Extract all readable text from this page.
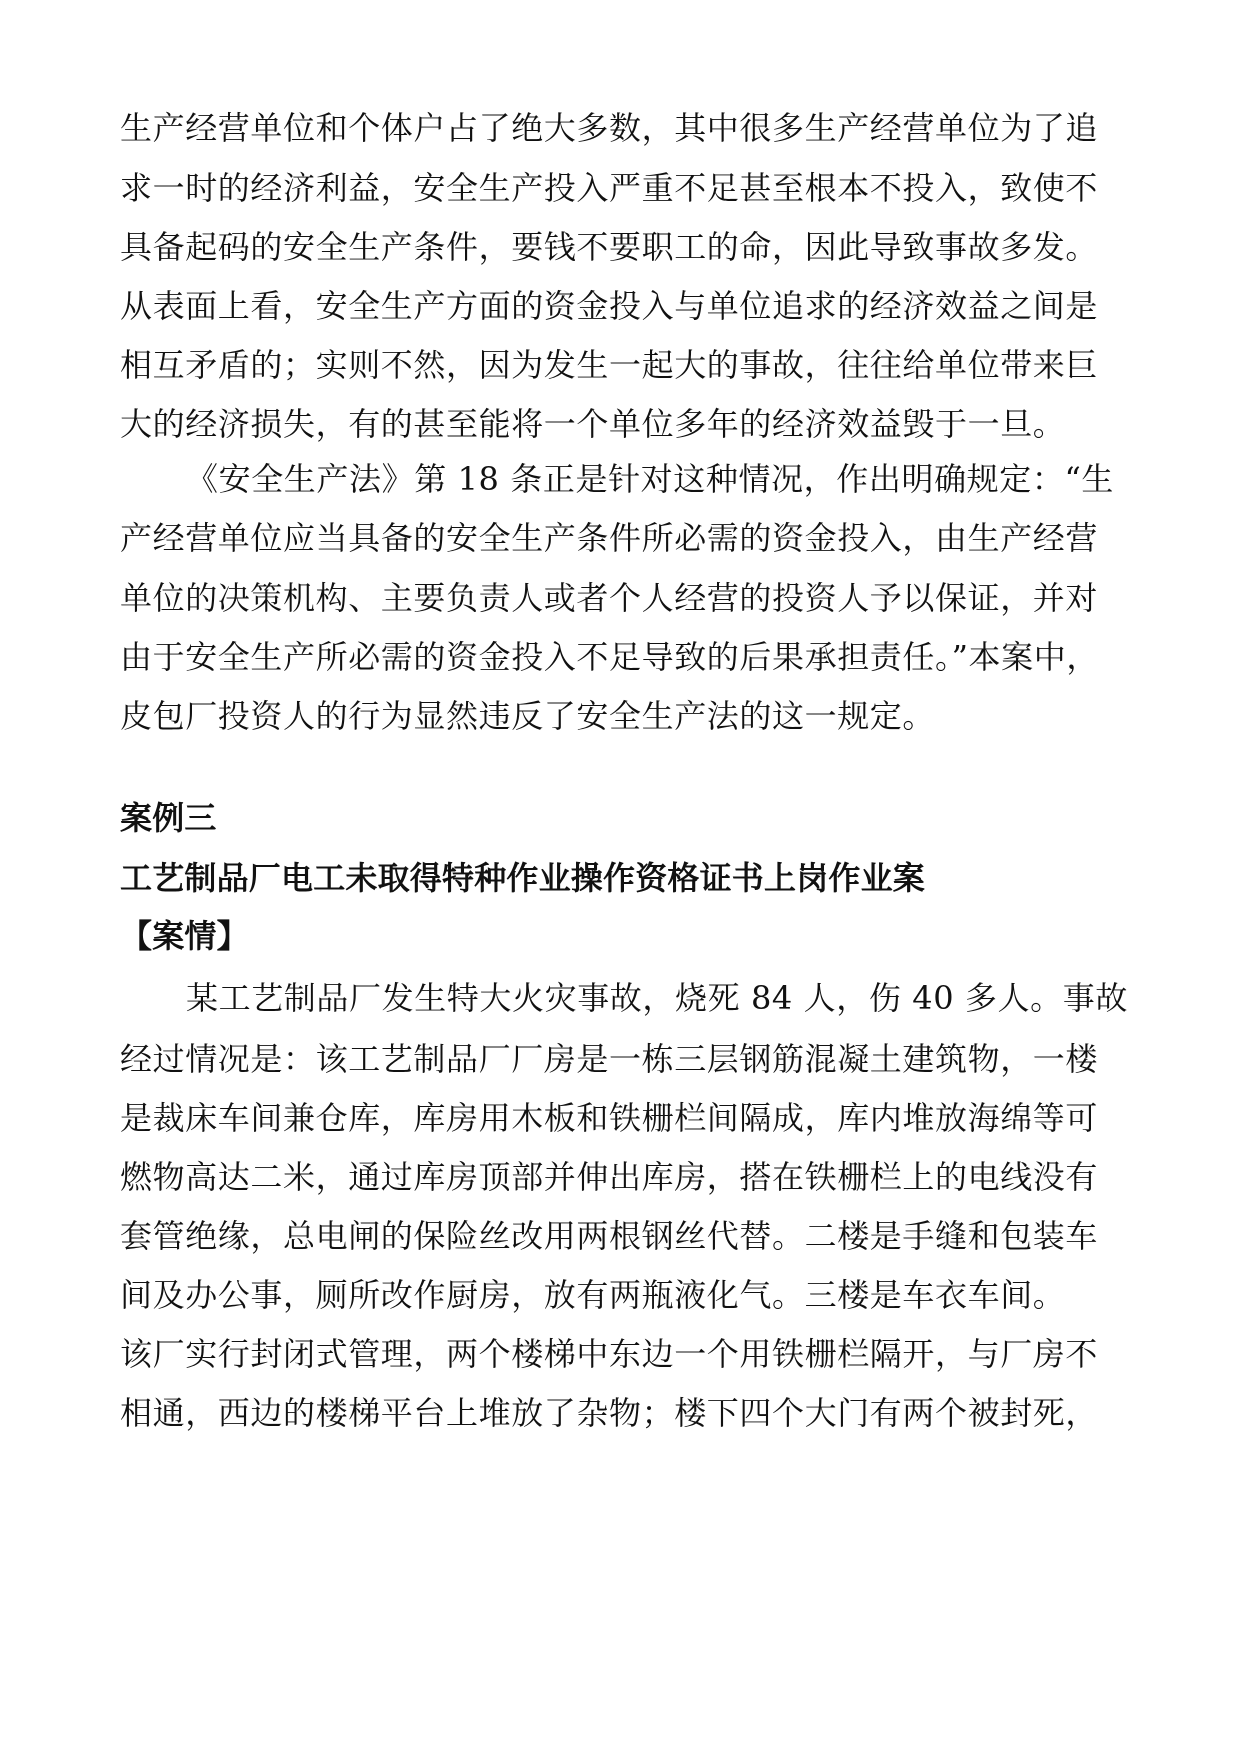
生产经营单位和个体户占了绝大多数，其中很多生产经营单位为了追
求一时的经济利益，安全生产投入严重不足甚至根本不投入，致使不
具备起码的安全生产条件，要钱不要职工的命，因此导致事故多发。
从表面上看，安全生产方面的资金投入与单位追求的经济效益之间是
相互矛盾的；实则不然，因为发生一起大的事故，往往给单位带来巨
大的经济损失，有的甚至能将一个单位多年的经济效益毁于一旦。
《安全生产法》第 18 条正是针对这种情况，作出明确规定：“生
产经营单位应当具备的安全生产条件所必需的资金投入，由生产经营
单位的决策机构、主要负责人或者个人经营的投资人予以保证，并对
由于安全生产所必需的资金投入不足导致的后果承担责任。”本案中，
皮包厂投资人的行为显然违反了安全生产法的这一规定。
案例三
工艺制品厂电工未取得特种作业操作资格证书上岗作业案
【案情】
某工艺制品厂发生特大火灾事故，烧死 84 人，伤 40 多人。事故
经过情况是：该工艺制品厂厂房是一栋三层钢筋混凝土建筑物，一楼
是裁床车间兼仓库，库房用木板和铁栅栏间隔成，库内堆放海绵等可
燃物高达二米，通过库房顶部并伸出库房，搭在铁栅栏上的电线没有
套管绝缘，总电闸的保险丝改用两根钢丝代替。二楼是手缝和包装车
间及办公事，厕所改作厨房，放有两瓶液化气。三楼是车衣车间。
该厂实行封闭式管理，两个楼梯中东边一个用铁栅栏隔开，与厂房不
相通，西边的楼梯平台上堆放了杂物；楼下四个大门有两个被封死，
